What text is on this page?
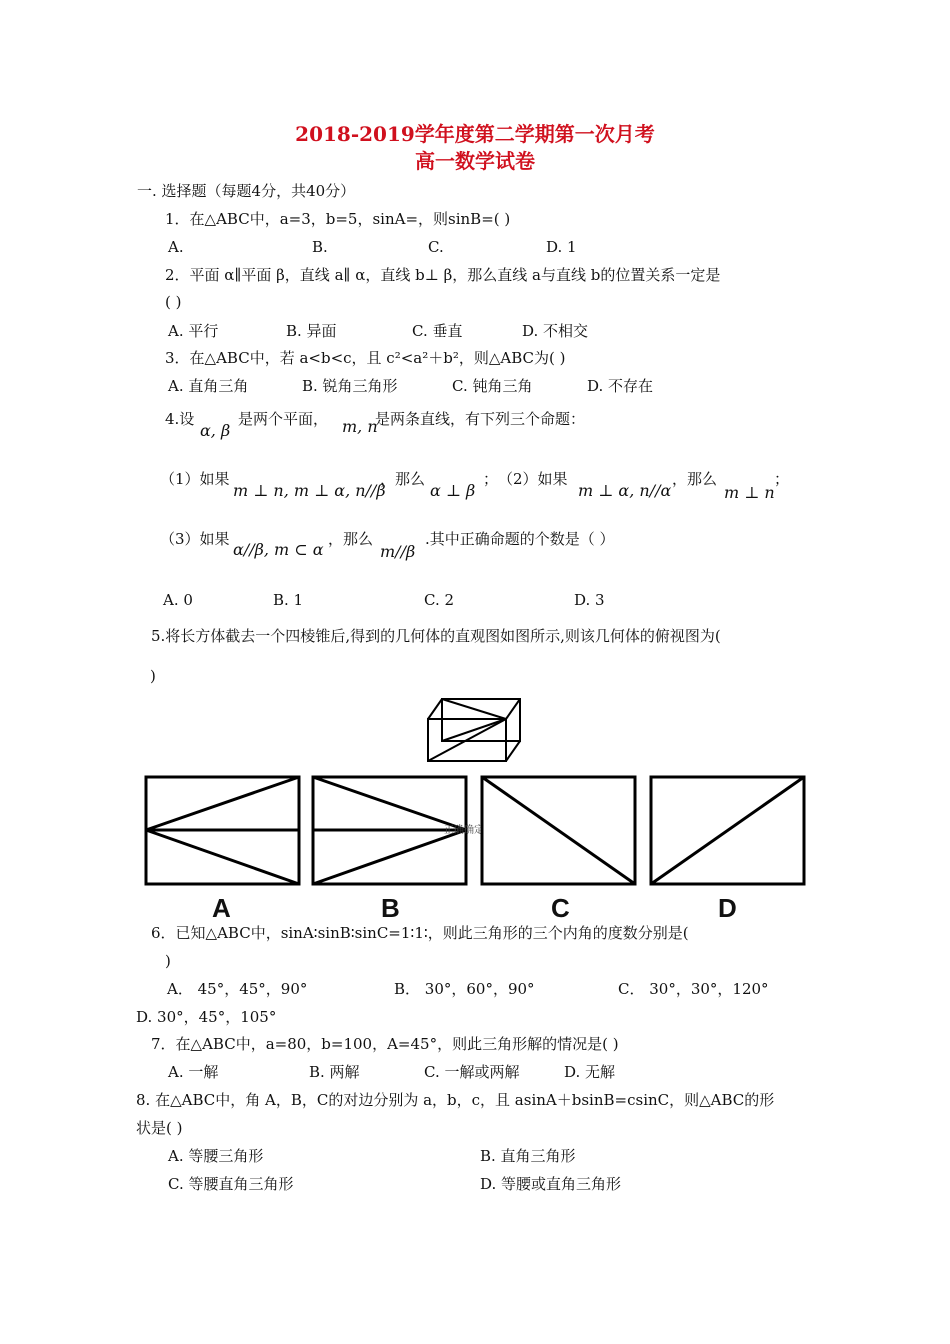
2018-2019学年度第二学期第一次月考
高一数学试卷
一. 选择题（每题4分，共40分）
1．在△ABC中，a=3，b=5，sinA=，则sinB=( )
A.	B.	C.	D. 1
2．平面 α∥平面 β，直线 a∥ α，直线 b⊥ β，那么直线 a与直线 b的位置关系一定是
( )
A. 平行	B. 异面	C. 垂直	D. 不相交
3．在△ABC中，若 a<b<c，且 c²<a²＋b²，则△ABC为( )
A. 直角三角	B. 锐角三角形	C. 钝角三角	D. 不存在
4.设
α, β
是两个平面， m, n
是两条直线，有下列三个命题：
（1）如果
m ⊥ n, m ⊥ α, n//β
，那么
α ⊥ β
； （2）如果
m ⊥ α, n//α
，那么
m ⊥ n
；
（3）如果
α//β, m ⊂ α
，那么
m//β
.其中正确命题的个数是（ ）
A. 0	B. 1	C. 2	D. 3
5.将长方体截去一个四棱锥后,得到的几何体的直观图如图所示,则该几何体的俯视图为(
)
正确确定
A	B	C	D
6．已知△ABC中，sinA∶sinB∶sinC=1∶1∶，则此三角形的三个内角的度数分别是(
)
A． 45°，45°，90°	B． 30°，60°，90°	C． 30°，30°，120°
D. 30°，45°，105°
7．在△ABC中，a=80，b=100，A=45°，则此三角形解的情况是( )
A. 一解	B. 两解	C. 一解或两解	D. 无解
8. 在△ABC中，角 A，B，C的对边分别为 a，b，c，且 asinA＋bsinB=csinC，则△ABC的形
状是( )
A. 等腰三角形	B. 直角三角形
C. 等腰直角三角形	D. 等腰或直角三角形
